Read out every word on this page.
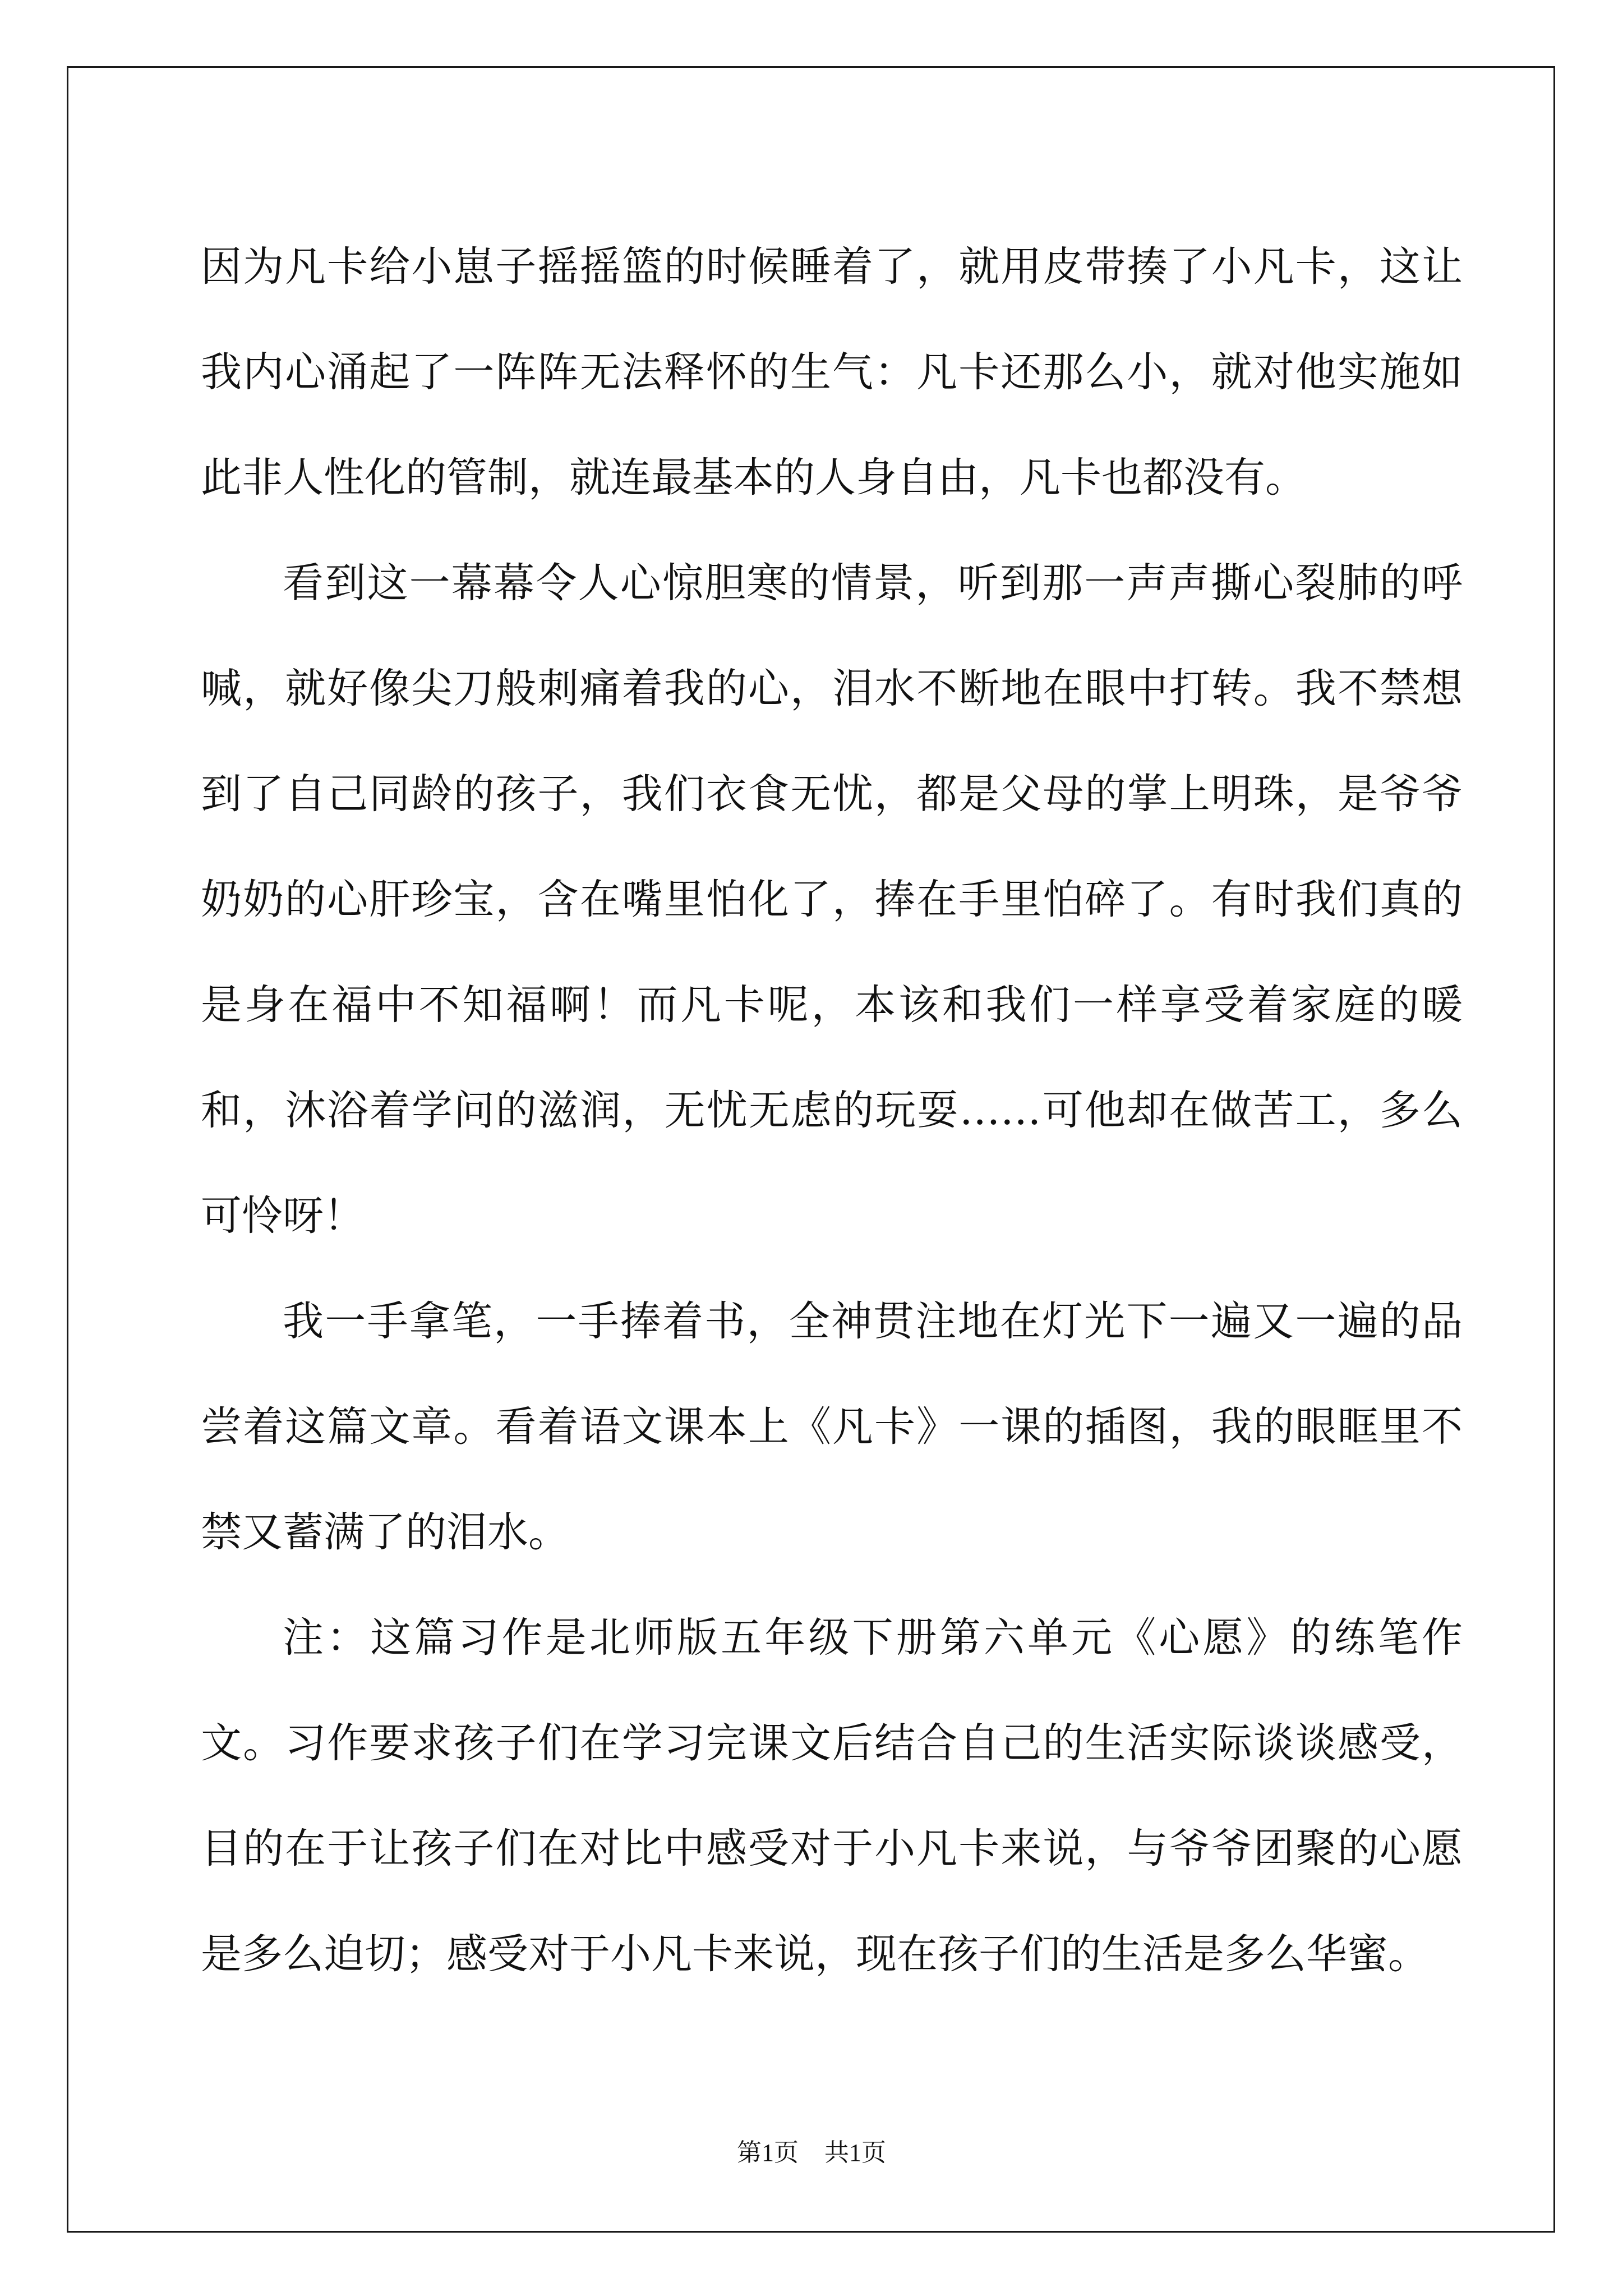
因为凡卡给小崽子摇摇篮的时候睡着了，就用皮带揍了小凡卡，这让我内心涌起了一阵阵无法释怀的生气：凡卡还那么小，就对他实施如此非人性化的管制，就连最基本的人身自由，凡卡也都没有。

看到这一幕幕令人心惊胆寒的情景，听到那一声声撕心裂肺的呼喊，就好像尖刀般刺痛着我的心，泪水不断地在眼中打转。我不禁想到了自己同龄的孩子，我们衣食无忧，都是父母的掌上明珠，是爷爷奶奶的心肝珍宝，含在嘴里怕化了，捧在手里怕碎了。有时我们真的是身在福中不知福啊！而凡卡呢，本该和我们一样享受着家庭的暖和，沐浴着学问的滋润，无忧无虑的玩耍……可他却在做苦工，多么可怜呀！

我一手拿笔，一手捧着书，全神贯注地在灯光下一遍又一遍的品尝着这篇文章。看着语文课本上《凡卡》一课的插图，我的眼眶里不禁又蓄满了的泪水。

注：这篇习作是北师版五年级下册第六单元《心愿》的练笔作文。习作要求孩子们在学习完课文后结合自己的生活实际谈谈感受，目的在于让孩子们在对比中感受对于小凡卡来说，与爷爷团聚的心愿是多么迫切；感受对于小凡卡来说，现在孩子们的生活是多么华蜜。

第1页 共1页
